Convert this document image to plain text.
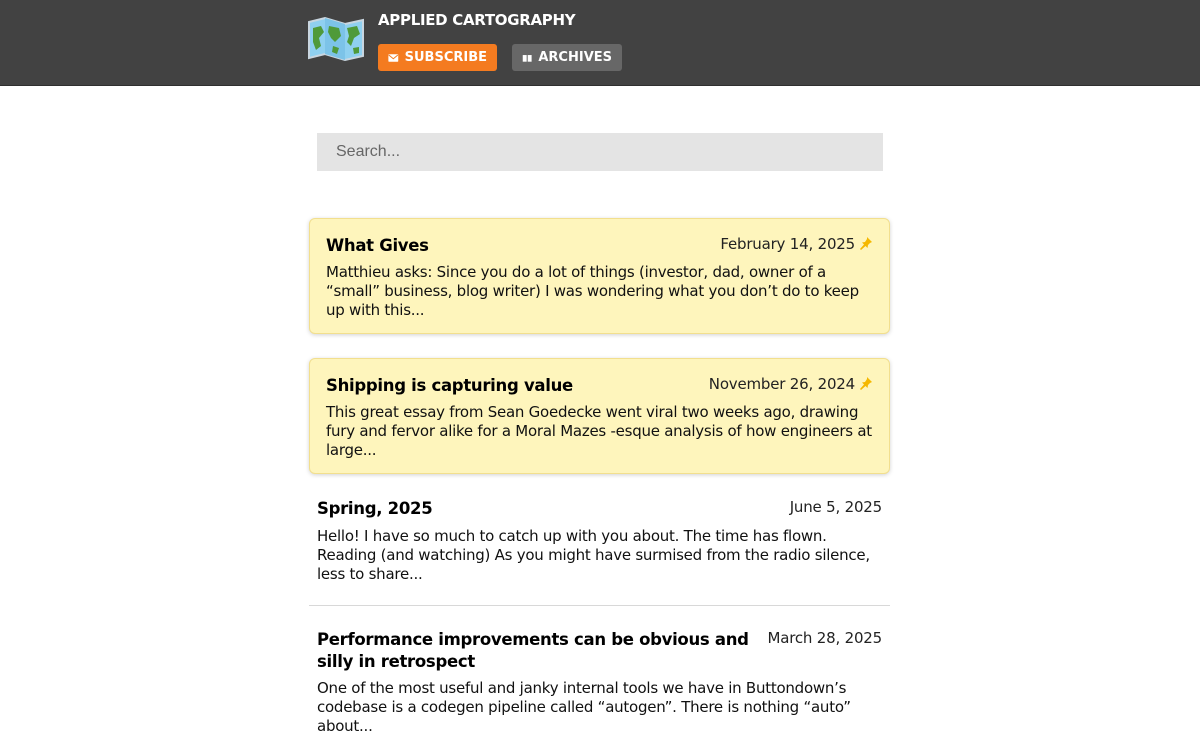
APPLIED CARTOGRAPHY
SUBSCRIBE	ARCHIVES
Search...
What Gives	February 14, 2025
Matthieu asks: Since you do a lot of things (investor, dad, owner of a “small” business, blog writer) I was wondering what you don’t do to keep up with this...
Shipping is capturing value	November 26, 2024
This great essay from Sean Goedecke went viral two weeks ago, drawing fury and fervor alike for a Moral Mazes -esque analysis of how engineers at large...
Spring, 2025	June 5, 2025
Hello! I have so much to catch up with you about. The time has flown. Reading (and watching) As you might have surmised from the radio silence, less to share...
Performance improvements can be obvious and silly in retrospect
March 28, 2025
One of the most useful and janky internal tools we have in Buttondown’s codebase is a codegen pipeline called “autogen”. There is nothing “auto” about...
